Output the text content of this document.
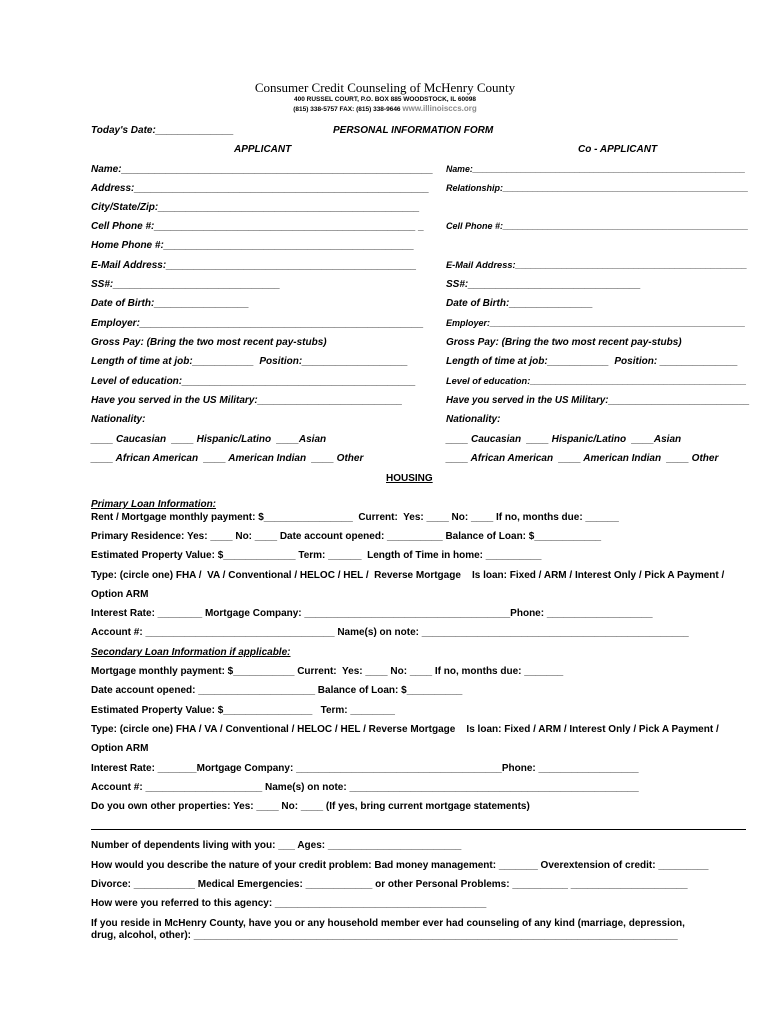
Consumer Credit Counseling of McHenry County
400 RUSSEL COURT, P.O. BOX 885 WOODSTOCK, IL 60098
(815) 338-5757 FAX: (815) 338-9646 www.illinoisccs.org
Today's Date:______________	PERSONAL INFORMATION FORM
APPLICANT	Co - APPLICANT
Name:________________________________________________________
Address:_____________________________________________________
City/State/Zip:_______________________________________________
Cell Phone #:_______________________________________________ _
Home Phone #:_____________________________________________
E-Mail Address:_____________________________________________
SS#:______________________________
Date of Birth:_________________
Employer:___________________________________________________
Gross Pay: (Bring the two most recent pay-stubs)
Length of time at job:___________  Position:___________________
Level of education:__________________________________________
Have you served in the US Military:__________________________
Nationality:
____ Caucasian  ____ Hispanic/Latino  ____Asian
____ African American  ____ American Indian  ____ Other
Name:________________________________________________________
Relationship:_________________________________________________
Cell Phone #:_________________________________________________
E-Mail Address:_____________________________________________
SS#:_______________________________
Date of Birth:_______________
Employer:___________________________________________________
Gross Pay: (Bring the two most recent pay-stubs)
Length of time at job:___________  Position: ______________
Level of education:__________________________________________
Have you served in the US Military:__________________________
Nationality:
____ Caucasian  ____ Hispanic/Latino  ____Asian
____ African American  ____ American Indian  ____ Other
HOUSING
Primary Loan Information:
Rent / Mortgage monthly payment: $________________  Current:  Yes: ____ No: ____ If no, months due: ______
Primary Residence: Yes: ____ No: ____ Date account opened: __________ Balance of Loan: $____________
Estimated Property Value: $_____________ Term: ______  Length of Time in home: __________
Type: (circle one) FHA /  VA / Conventional / HELOC / HEL /  Reverse Mortgage    Is loan: Fixed / ARM / Interest Only / Pick A Payment /
Option ARM
Interest Rate: ________ Mortgage Company: _____________________________________Phone: ___________________
Account #: __________________________________ Name(s) on note: ________________________________________________
Secondary Loan Information if applicable:
Mortgage monthly payment: $___________ Current:  Yes: ____ No: ____ If no, months due: _______
Date account opened: _____________________ Balance of Loan: $__________
Estimated Property Value: $________________   Term: ________
Type: (circle one) FHA / VA / Conventional / HELOC / HEL / Reverse Mortgage    Is loan: Fixed / ARM / Interest Only / Pick A Payment /
Option ARM
Interest Rate: _______Mortgage Company: _____________________________________Phone: __________________
Account #: _____________________ Name(s) on note: ____________________________________________________
Do you own other properties: Yes: ____ No: ____ (If yes, bring current mortgage statements)
Number of dependents living with you: ___ Ages: ________________________
How would you describe the nature of your credit problem: Bad money management: _______ Overextension of credit: _________
Divorce: ___________ Medical Emergencies: ____________ or other Personal Problems: __________ _____________________
How were you referred to this agency: ______________________________________
If you reside in McHenry County, have you or any household member ever had counseling of any kind (marriage, depression, drug, alcohol, other): _______________________________________________________________________________________
